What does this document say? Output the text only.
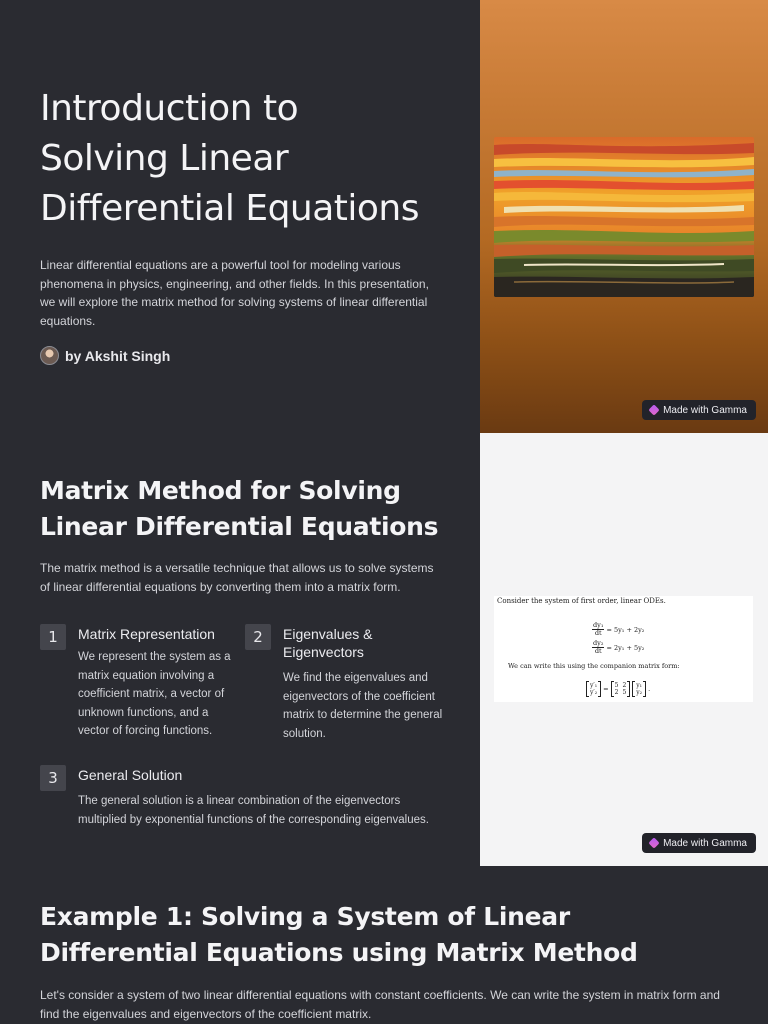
Introduction to
Solving Linear
Differential Equations

Linear differential equations are a powerful tool for modeling various phenomena in physics, engineering, and other fields. In this presentation, we will explore the matrix method for solving systems of linear differential equations.

by Akshit Singh
Made with Gamma
Matrix Method for Solving Linear Differential Equations

The matrix method is a versatile technique that allows us to solve systems of linear differential equations by converting them into a matrix form.

1	Matrix Representation
We represent the system as a matrix equation involving a coefficient matrix, a vector of unknown functions, and a vector of forcing functions.
2	Eigenvalues & Eigenvectors
We find the eigenvalues and eigenvectors of the coefficient matrix to determine the general solution.
3	General Solution
The general solution is a linear combination of the eigenvectors multiplied by exponential functions of the corresponding eigenvalues.
Consider the system of first order, linear ODEs.
$\frac{\text{dy₁}}{dt} = 5y_1 + 2y_2$
$\frac{\text{dy₂}}{dt} = 2y_1 + 5y_2$
We can write this using the companion matrix form:
y′₁
y′₂ = 5
2
2
5
y₁
y₂ .
Made with Gamma
Example 1: Solving a System of Linear Differential Equations using Matrix Method

Let's consider a system of two linear differential equations with constant coefficients. We can write the system in matrix form and find the eigenvalues and eigenvectors of the coefficient matrix.
